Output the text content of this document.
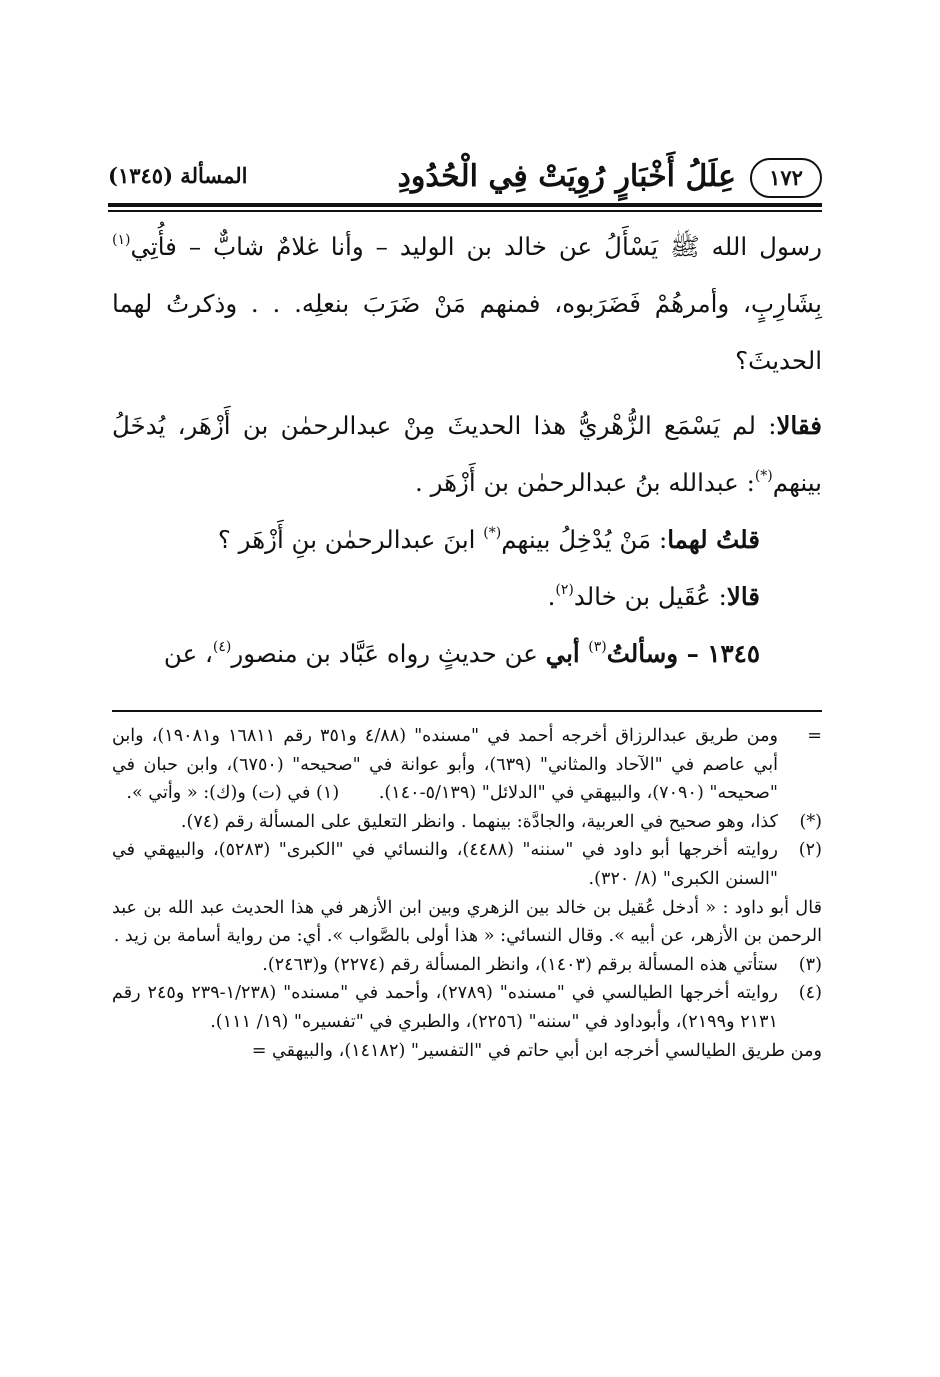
١٧٢
عِلَلُ أَخْبَارٍ رُوِيَتْ فِي الْحُدُودِ
المسألة (١٣٤٥)

رسول الله ﷺ يَسْأَلُ عن خالد بن الوليد – وأنا غلامٌ شابٌّ – فأُتِي$^{(١)}$ بِشَارِبٍ، وأمرهُمْ فَضَرَبوه، فمنهم مَنْ ضَرَبَ بنعلِه. . . وذكرتُ لهما الحديثَ؟

فقالا: لم يَسْمَع الزُّهْريُّ هذا الحديثَ مِنْ عبدالرحمٰن بن أَزْهَر، يُدخَلُ بينهم(*): عبدالله بنُ عبدالرحمٰن بن أَزْهَر .

قلتُ لهما: مَنْ يُدْخِلُ بينهم(*) ابنَ عبدالرحمٰن بنِ أَزْهَر ؟

قالا: عُقَيل بن خالد$^{(٢)}$.

١٣٤٥ – وسألتُ$^{(٣)}$ أبي عن حديثٍ رواه عَبَّاد بن منصور$^{(٤)}$، عن

=
ومن طريق عبدالرزاق أخرجه أحمد في "مسنده" (٤/٨٨ و٣٥١ رقم ١٦٨١١ و١٩٠٨١)، وابن أبي عاصم في "الآحاد والمثاني" (٦٣٩)، وأبو عوانة في "صحيحه" (٦٧٥٠)، وابن حبان في "صحيحه" (٧٠٩٠)، والبيهقي في "الدلائل" (٥/١٣٩-١٤٠). (١) في (ت) و(ك): « وأتي ».

(*)
كذا، وهو صحيح في العربية، والجادَّة: بينهما . وانظر التعليق على المسألة رقم (٧٤).

(٢)
روايته أخرجها أبو داود في "سننه" (٤٤٨٨)، والنسائي في "الكبرى" (٥٢٨٣)، والبيهقي في "السنن الكبرى" (٨/ ٣٢٠).

قال أبو داود : « أدخل عُقيل بن خالد بين الزهري وبين ابن الأزهر في هذا الحديث عبد الله بن عبد الرحمن بن الأزهر، عن أبيه ». وقال النسائي: « هذا أولى بالصَّواب ». أي: من رواية أسامة بن زيد .

(٣)
ستأتي هذه المسألة برقم (١٤٠٣)، وانظر المسألة رقم (٢٢٧٤) و(٢٤٦٣).

(٤)
روايته أخرجها الطيالسي في "مسنده" (٢٧٨٩)، وأحمد في "مسنده" (١/٢٣٨-٢٣٩ و٢٤٥ رقم ٢١٣١ و٢١٩٩)، وأبوداود في "سننه" (٢٢٥٦)، والطبري في "تفسيره" (١٩/ ١١١).

ومن طريق الطيالسي أخرجه ابن أبي حاتم في "التفسير" (١٤١٨٢)، والبيهقي =
